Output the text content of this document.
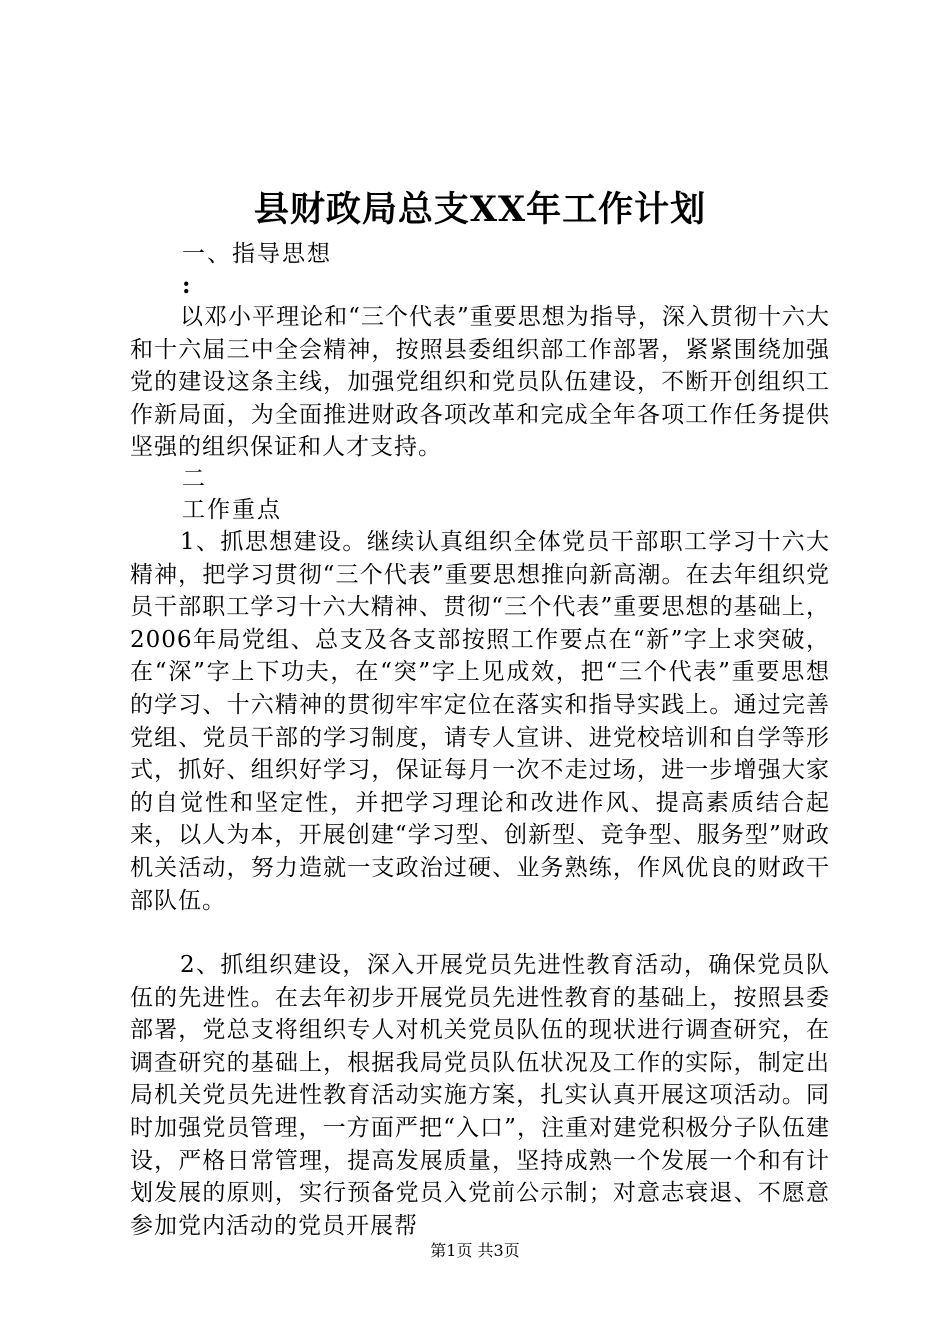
县财政局总支XX年工作计划

一、指导思想

:

以邓小平理论和“三个代表”重要思想为指导，深入贯彻十六大和十六届三中全会精神，按照县委组织部工作部署，紧紧围绕加强党的建设这条主线，加强党组织和党员队伍建设，不断开创组织工作新局面，为全面推进财政各项改革和完成全年各项工作任务提供坚强的组织保证和人才支持。

二

工作重点

1、抓思想建设。继续认真组织全体党员干部职工学习十六大精神，把学习贯彻“三个代表”重要思想推向新高潮。在去年组织党员干部职工学习十六大精神、贯彻“三个代表”重要思想的基础上，2006年局党组、总支及各支部按照工作要点在“新”字上求突破，在“深”字上下功夫，在“突”字上见成效，把“三个代表”重要思想的学习、十六精神的贯彻牢牢定位在落实和指导实践上。通过完善党组、党员干部的学习制度，请专人宣讲、进党校培训和自学等形式，抓好、组织好学习，保证每月一次不走过场，进一步增强大家的自觉性和坚定性，并把学习理论和改进作风、提高素质结合起来，以人为本，开展创建“学习型、创新型、竞争型、服务型”财政机关活动，努力造就一支政治过硬、业务熟练，作风优良的财政干部队伍。

2、抓组织建设，深入开展党员先进性教育活动，确保党员队伍的先进性。在去年初步开展党员先进性教育的基础上，按照县委部署，党总支将组织专人对机关党员队伍的现状进行调查研究，在调查研究的基础上，根据我局党员队伍状况及工作的实际，制定出局机关党员先进性教育活动实施方案，扎实认真开展这项活动。同时加强党员管理，一方面严把“入口”，注重对建党积极分子队伍建设，严格日常管理，提高发展质量，坚持成熟一个发展一个和有计划发展的原则，实行预备党员入党前公示制；对意志衰退、不愿意参加党内活动的党员开展帮

第1页 共3页
